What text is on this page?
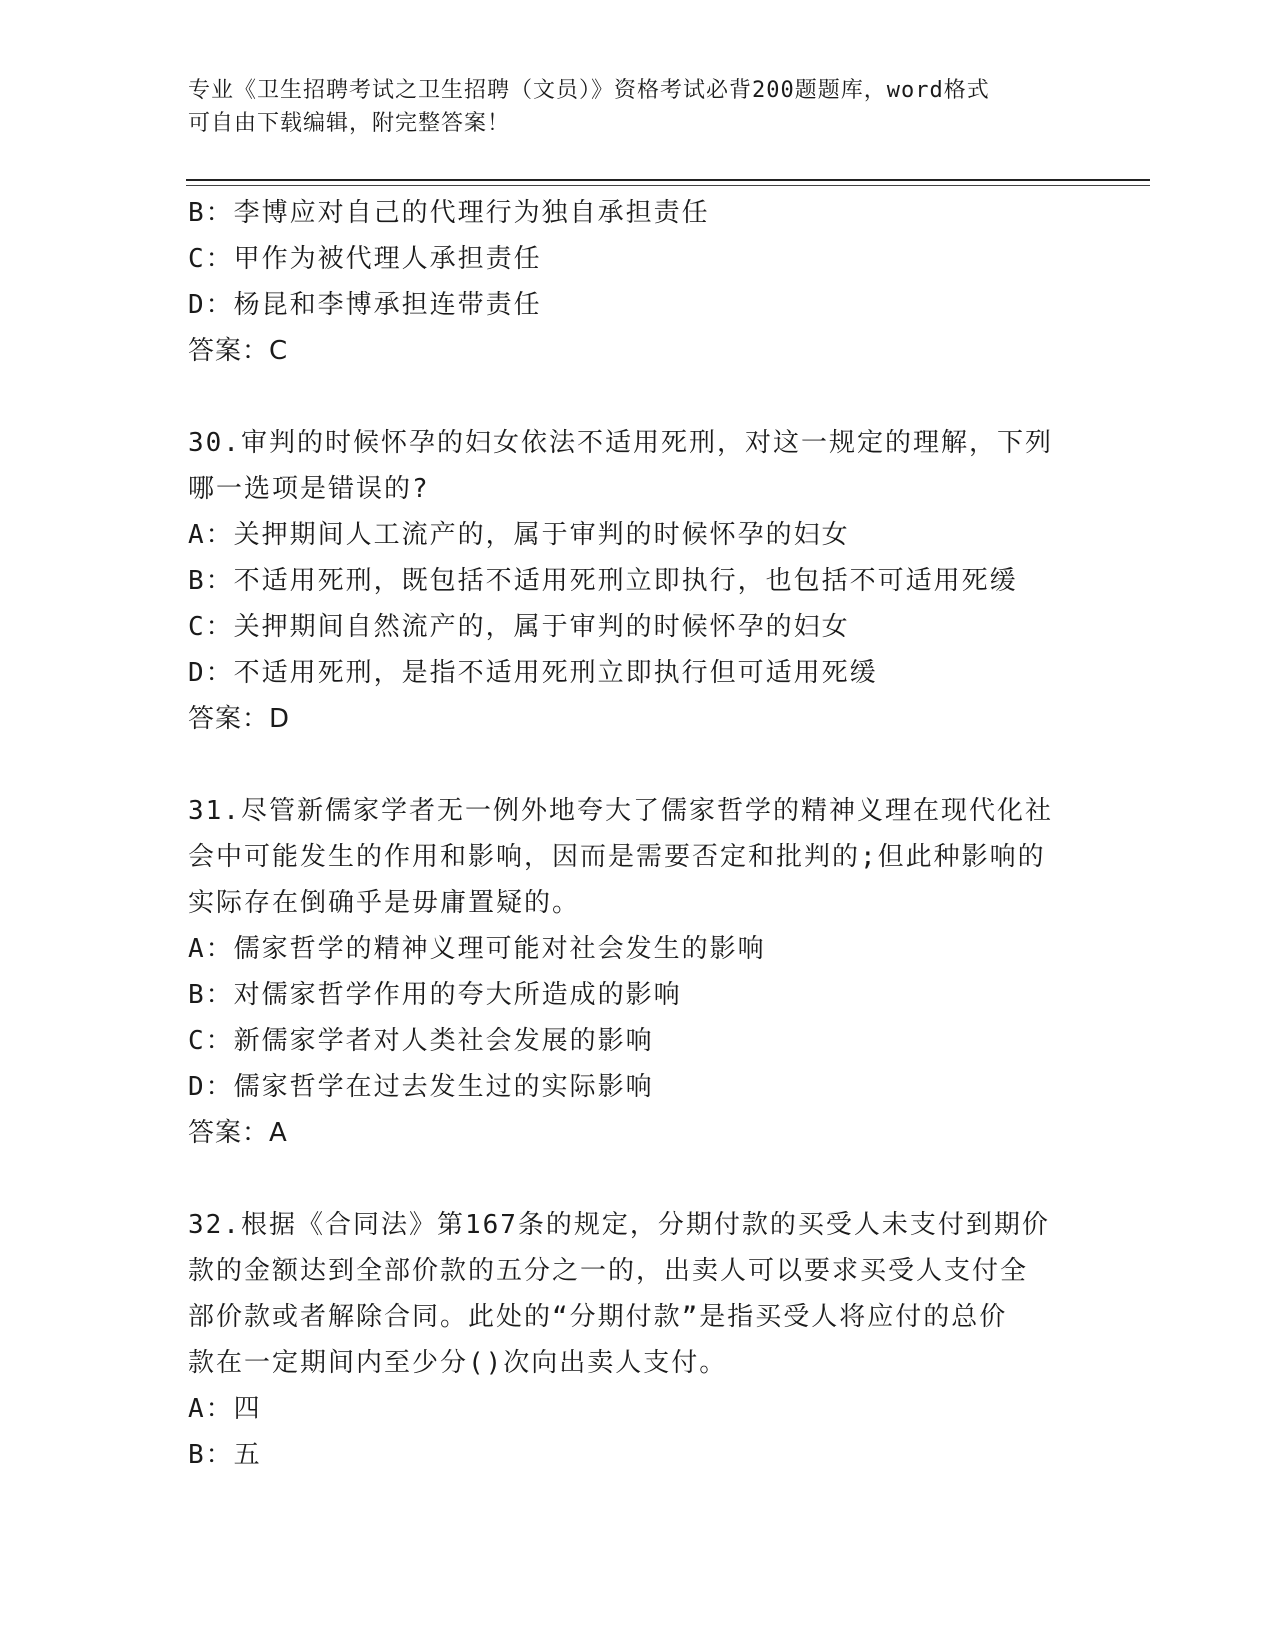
专业《卫生招聘考试之卫生招聘（文员）》资格考试必背200题题库，word格式
可自由下载编辑，附完整答案！
B：李博应对自己的代理行为独自承担责任
C：甲作为被代理人承担责任
D：杨昆和李博承担连带责任
答案：C
30.审判的时候怀孕的妇女依法不适用死刑，对这一规定的理解，下列
哪一选项是错误的?
A：关押期间人工流产的，属于审判的时候怀孕的妇女
B：不适用死刑，既包括不适用死刑立即执行，也包括不可适用死缓
C：关押期间自然流产的，属于审判的时候怀孕的妇女
D：不适用死刑，是指不适用死刑立即执行但可适用死缓
答案：D
31.尽管新儒家学者无一例外地夸大了儒家哲学的精神义理在现代化社
会中可能发生的作用和影响，因而是需要否定和批判的;但此种影响的
实际存在倒确乎是毋庸置疑的。
A：儒家哲学的精神义理可能对社会发生的影响
B：对儒家哲学作用的夸大所造成的影响
C：新儒家学者对人类社会发展的影响
D：儒家哲学在过去发生过的实际影响
答案：A
32.根据《合同法》第167条的规定，分期付款的买受人未支付到期价
款的金额达到全部价款的五分之一的，出卖人可以要求买受人支付全
部价款或者解除合同。此处的“分期付款”是指买受人将应付的总价
款在一定期间内至少分()次向出卖人支付。
A：四
B：五
